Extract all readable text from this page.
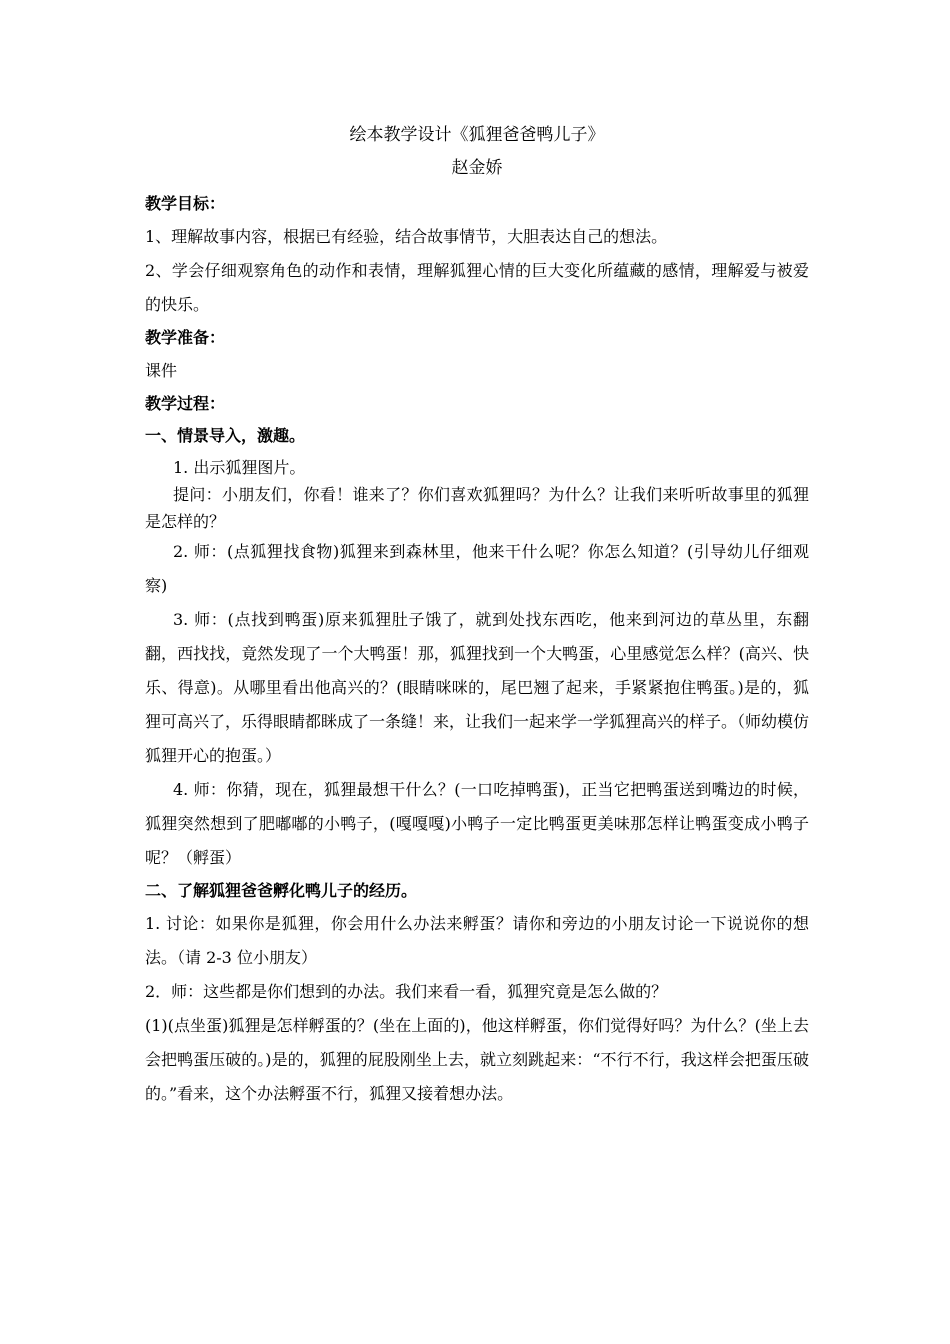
绘本教学设计《狐狸爸爸鸭儿子》

赵金娇

教学目标：

1、理解故事内容，根据已有经验，结合故事情节，大胆表达自己的想法。

2、学会仔细观察角色的动作和表情，理解狐狸心情的巨大变化所蕴藏的感情，理解爱与被爱的快乐。

教学准备：

课件

教学过程：

一、情景导入，激趣。

1. 出示狐狸图片。

提问：小朋友们，你看！谁来了？你们喜欢狐狸吗？为什么？让我们来听听故事里的狐狸是怎样的？

2. 师：(点狐狸找食物)狐狸来到森林里，他来干什么呢？你怎么知道？(引导幼儿仔细观察)

3. 师：(点找到鸭蛋)原来狐狸肚子饿了，就到处找东西吃，他来到河边的草丛里，东翻翻，西找找，竟然发现了一个大鸭蛋！那，狐狸找到一个大鸭蛋，心里感觉怎么样？(高兴、快乐、得意)。从哪里看出他高兴的？(眼睛咪咪的，尾巴翘了起来，手紧紧抱住鸭蛋。)是的，狐狸可高兴了，乐得眼睛都眯成了一条缝！来，让我们一起来学一学狐狸高兴的样子。（师幼模仿狐狸开心的抱蛋。）

4. 师：你猜，现在，狐狸最想干什么？(一口吃掉鸭蛋)，正当它把鸭蛋送到嘴边的时候，狐狸突然想到了肥嘟嘟的小鸭子，(嘎嘎嘎)小鸭子一定比鸭蛋更美味那怎样让鸭蛋变成小鸭子呢？（孵蛋）

二、了解狐狸爸爸孵化鸭儿子的经历。

1. 讨论：如果你是狐狸，你会用什么办法来孵蛋？请你和旁边的小朋友讨论一下说说你的想法。（请 2-3 位小朋友）

2．师：这些都是你们想到的办法。我们来看一看，狐狸究竟是怎么做的？

(1)(点坐蛋)狐狸是怎样孵蛋的？(坐在上面的)，他这样孵蛋，你们觉得好吗？为什么？(坐上去会把鸭蛋压破的。)是的，狐狸的屁股刚坐上去，就立刻跳起来：“不行不行，我这样会把蛋压破的。”看来，这个办法孵蛋不行，狐狸又接着想办法。
